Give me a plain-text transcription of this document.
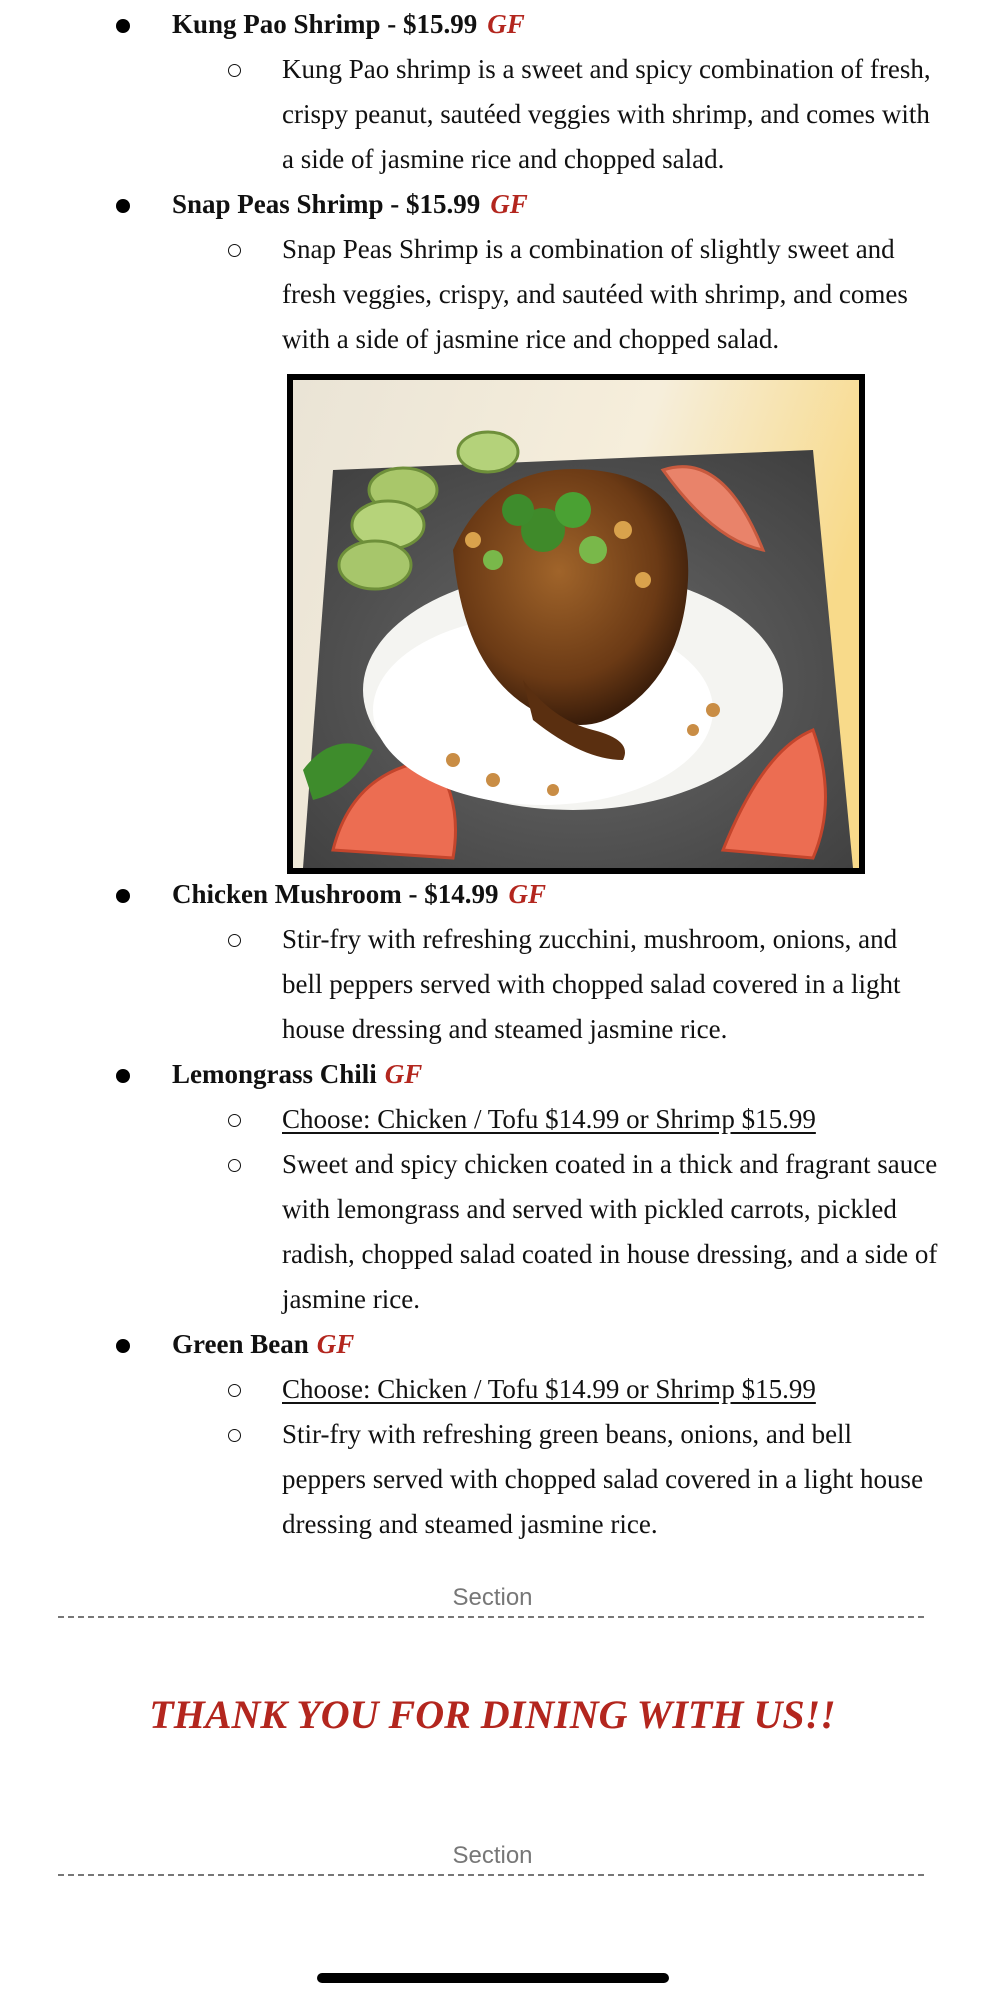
Kung Pao Shrimp - $15.99 GF
Kung Pao shrimp is a sweet and spicy combination of fresh, crispy peanut, sautéed veggies with shrimp, and comes with a side of jasmine rice and chopped salad.
Snap Peas Shrimp - $15.99 GF
Snap Peas Shrimp is a combination of slightly sweet and fresh veggies, crispy, and sautéed with shrimp, and comes with a side of jasmine rice and chopped salad.
Chicken Mushroom - $14.99 GF
Stir-fry with refreshing zucchini, mushroom, onions, and bell peppers served with chopped salad covered in a light house dressing and steamed jasmine rice.
Lemongrass Chili GF
Choose: Chicken / Tofu $14.99 or Shrimp $15.99
Sweet and spicy chicken coated in a thick and fragrant sauce with lemongrass and served with pickled carrots, pickled radish, chopped salad coated in house dressing, and a side of jasmine rice.
Green Bean GF
Choose: Chicken / Tofu $14.99 or Shrimp $15.99
Stir-fry with refreshing green beans, onions, and bell peppers served with chopped salad covered in a light house dressing and steamed jasmine rice.
Section
THANK YOU FOR DINING WITH US!!
Section
